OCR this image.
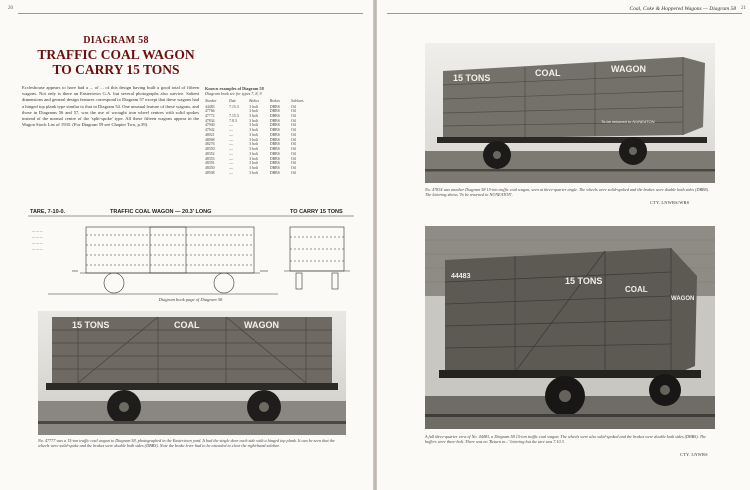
20
DIAGRAM 58
TRAFFIC COAL WAGON
TO CARRY 15 TONS
Eccleshouse appears to have had a ... of ... of this design having built a good total of fifteen wagons. Not only is there an Eastertown G.A. but several photographs also survive. Salient dimensions and general design features correspond to Diagram 57 except that these wagons had a hinged top plank type similar to that in Diagram 54. One unusual feature of these wagons, and those in Diagrams 56 and 57, was the use of wrought iron wheel centres with solid spokes instead of the normal centre of the 'split-spoke' type. All these fifteen wagons appear in the Wagon Stock List of 1935. (For Diagram 59 see Chapter Two, p.39).
Known examples of Diagram 58
Diagram book see for types 7, 8, 9
Number	Date	Bodies	Brakes	Solebars
44483	7.15.3	3 bolt	DBBS	Oil
47766		3 bolt	DBBS	Oil
47772	7.15.3	3 bolt	DBBS	Oil
47834	7.8.3	3 bolt	DBBS	Oil
47940	—	3 bolt	DBBS	Oil
47942	—	3 bolt	DBBS	Oil
48021	—	3 bolt	DBBS	Oil
48068	—	3 bolt	DBBS	Oil
48276	—	3 bolt	DBBS	Oil
48350	—	3 bolt	DBBS	Oil
48352	—	3 bolt	DBBS	Oil
48353	—	3 bolt	DBBS	Oil
48391	—	3 bolt	DBBS	Oil
48450	—	3 bolt	DBBS	Oil
48508	—	3 bolt	DBBS	Oil
TARE, 7-10-0.	TRAFFIC COAL WAGON — 20.3' LONG	TO CARRY 15 TONS
— — —
— — —
— — —
— — —
Diagram book page of Diagram 58.
15 TONS	COAL	WAGON
No. 47777 was a 15-ton traffic coal wagon to Diagram 58, photographed in the Eastertown yard. It had the single door each side with a hinged top plank. It can be seen that the wheels were solid-spoke and the brakes were double both sides (DBBS). Note the brake lever had to be extended to clear the right-hand solebar.
Coal, Coke & Hoppered Wagons — Diagram 58 21
15 TONS	COAL	WAGON
To be returned to NUNEATON
No. 47834 was another Diagram 58 15-ton traffic coal wagon, seen at three-quarter angle. The wheels were solid-spoked and the brakes were double both sides (DBBS). The lettering shows 'To be returned to NUNEATON'.
CTY. LNWRS/WRS
44483	15 TONS
COAL
WAGON
A full three-quarter view of No. 44483, a Diagram 58 15-ton traffic coal wagon. The wheels were also solid-spoked and the brakes were double both sides (DBBS). The buffers were three-bolt. There was no 'Return to...' lettering but the tare was 7.10.3.
CTY. LNWRS
